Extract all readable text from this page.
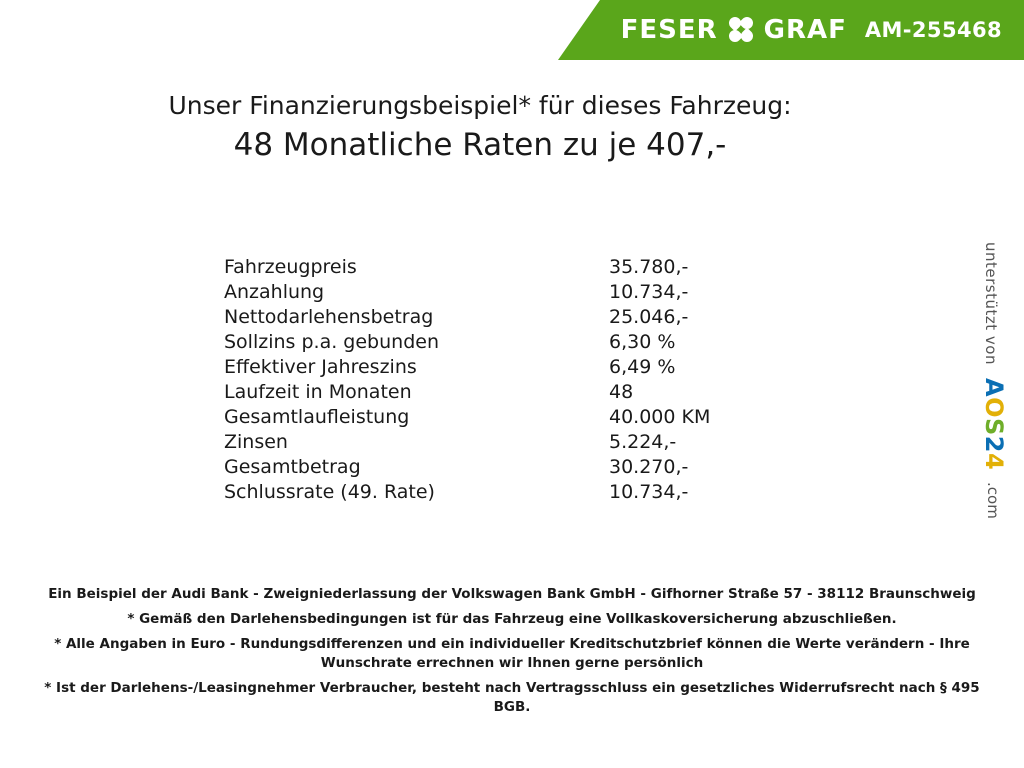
FESER GRAF AM-255468
Unser Finanzierungsbeispiel* für dieses Fahrzeug:
48 Monatliche Raten zu je 407,-
Fahrzeugpreis	35.780,-
Anzahlung	10.734,-
Nettodarlehensbetrag	25.046,-
Sollzins p.a. gebunden	6,30 %
Effektiver Jahreszins	6,49 %
Laufzeit in Monaten	48
Gesamtlaufleistung	40.000 KM
Zinsen	5.224,-
Gesamtbetrag	30.270,-
Schlussrate (49. Rate)	10.734,-
Ein Beispiel der Audi Bank - Zweigniederlassung der Volkswagen Bank GmbH - Gifhorner Straße 57 - 38112 Braunschweig
* Gemäß den Darlehensbedingungen ist für das Fahrzeug eine Vollkaskoversicherung abzuschließen.
* Alle Angaben in Euro - Rundungsdifferenzen und ein individueller Kreditschutzbrief können die Werte verändern - Ihre Wunschrate errechnen wir Ihnen gerne persönlich
* Ist der Darlehens-/Leasingnehmer Verbraucher, besteht nach Vertragsschluss ein gesetzliches Widerrufsrecht nach § 495 BGB.
unterstützt von
AOS24
.com
